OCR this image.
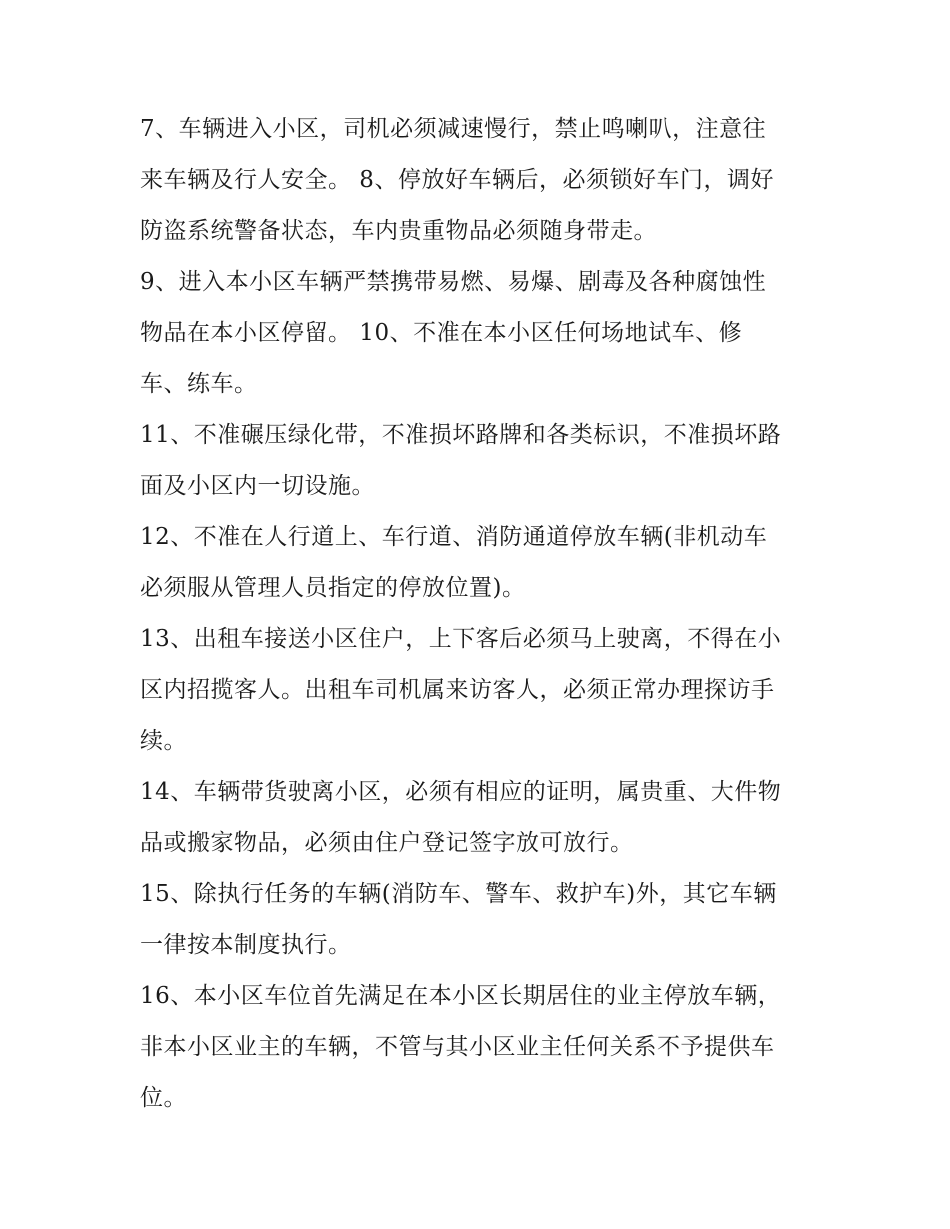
7、车辆进入小区，司机必须减速慢行，禁止鸣喇叭，注意往
来车辆及行人安全。 8、停放好车辆后，必须锁好车门，调好
防盗系统警备状态，车内贵重物品必须随身带走。
9、进入本小区车辆严禁携带易燃、易爆、剧毒及各种腐蚀性
物品在本小区停留。 10、不准在本小区任何场地试车、修
车、练车。
11、不准碾压绿化带，不准损坏路牌和各类标识，不准损坏路
面及小区内一切设施。
12、不准在人行道上、车行道、消防通道停放车辆(非机动车
必须服从管理人员指定的停放位置)。
13、出租车接送小区住户，上下客后必须马上驶离，不得在小
区内招揽客人。出租车司机属来访客人，必须正常办理探访手
续。
14、车辆带货驶离小区，必须有相应的证明，属贵重、大件物
品或搬家物品，必须由住户登记签字放可放行。
15、除执行任务的车辆(消防车、警车、救护车)外，其它车辆
一律按本制度执行。
16、本小区车位首先满足在本小区长期居住的业主停放车辆，
非本小区业主的车辆，不管与其小区业主任何关系不予提供车
位。
